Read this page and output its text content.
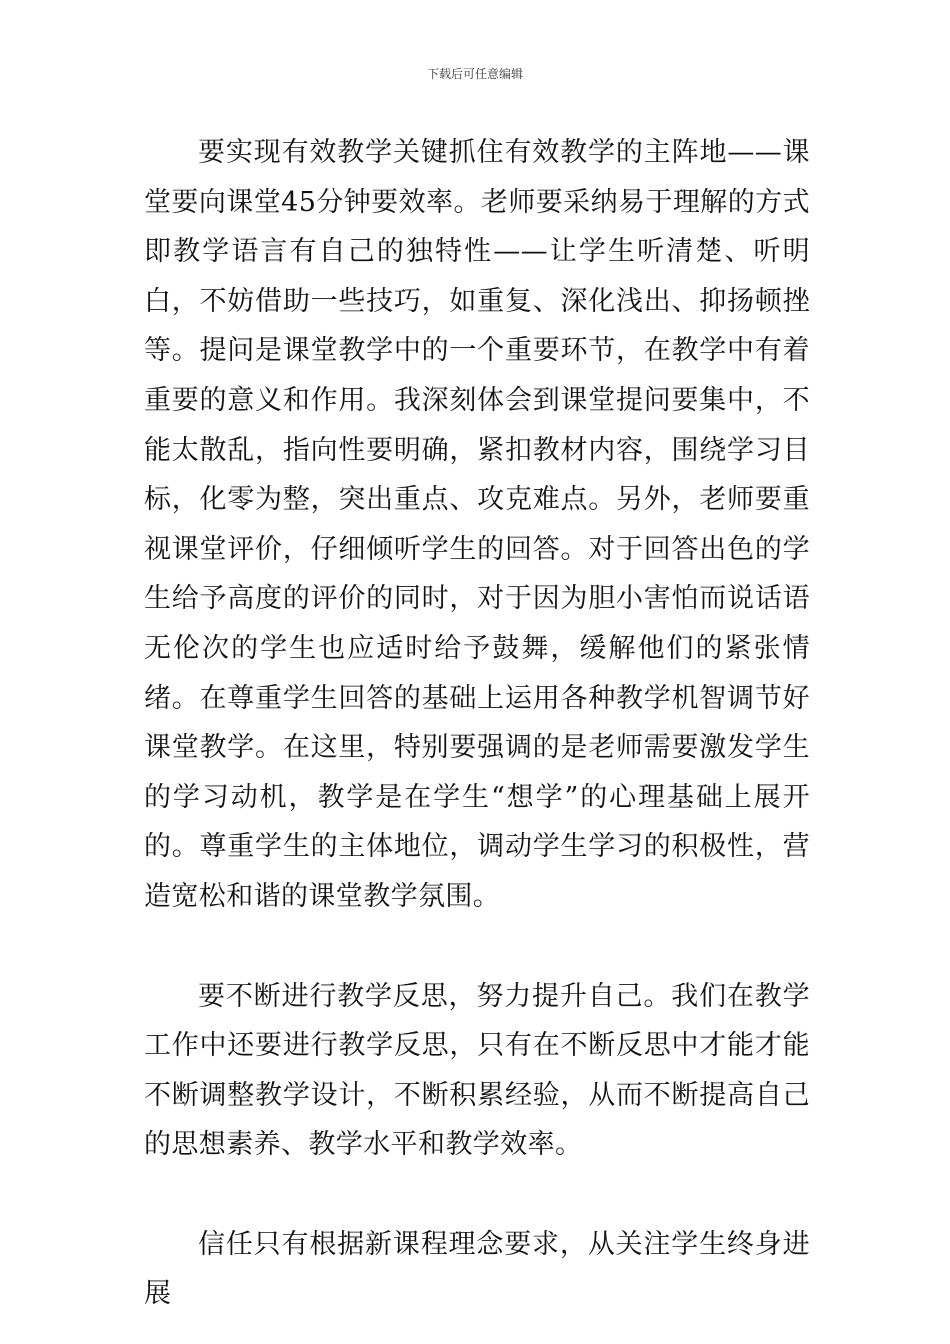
下载后可任意编辑

要实现有效教学关键抓住有效教学的主阵地——课堂要向课堂45分钟要效率。老师要采纳易于理解的方式即教学语言有自己的独特性——让学生听清楚、听明白，不妨借助一些技巧，如重复、深化浅出、抑扬顿挫等。提问是课堂教学中的一个重要环节，在教学中有着重要的意义和作用。我深刻体会到课堂提问要集中，不能太散乱，指向性要明确，紧扣教材内容，围绕学习目标，化零为整，突出重点、攻克难点。另外，老师要重视课堂评价，仔细倾听学生的回答。对于回答出色的学生给予高度的评价的同时，对于因为胆小害怕而说话语无伦次的学生也应适时给予鼓舞，缓解他们的紧张情绪。在尊重学生回答的基础上运用各种教学机智调节好课堂教学。在这里，特别要强调的是老师需要激发学生的学习动机，教学是在学生“想学”的心理基础上展开的。尊重学生的主体地位，调动学生学习的积极性，营造宽松和谐的课堂教学氛围。

要不断进行教学反思，努力提升自己。我们在教学工作中还要进行教学反思，只有在不断反思中才能才能不断调整教学设计，不断积累经验，从而不断提高自己的思想素养、教学水平和教学效率。

信任只有根据新课程理念要求，从关注学生终身进展
